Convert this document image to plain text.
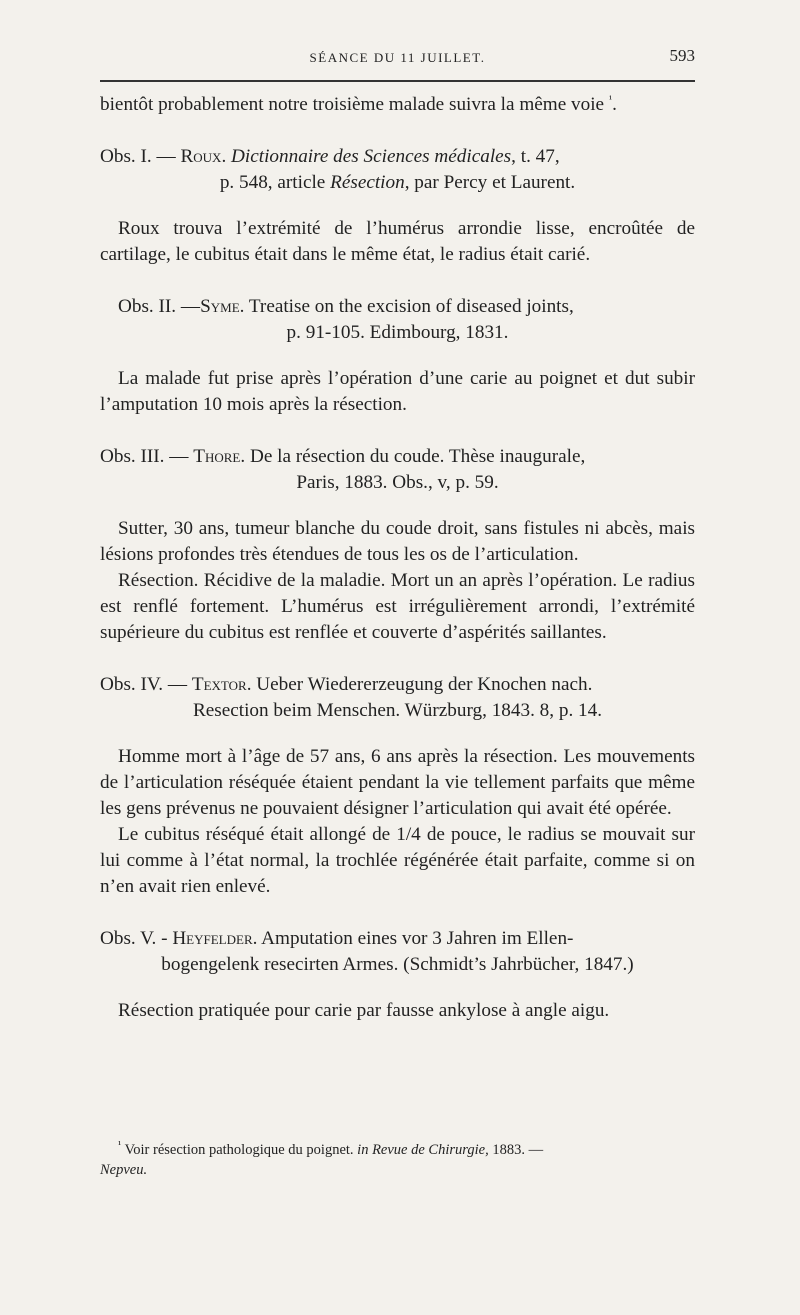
SÉANCE DU 11 JUILLET.	593

bientôt probablement notre troisième malade suivra la même voie $^{^1}$.

Obs. I. — Roux. Dictionnaire des Sciences médicales, t. 47,
p. 548, article Résection, par Percy et Laurent.

Roux trouva l’extrémité de l’humérus arrondie lisse, encroûtée de cartilage, le cubitus était dans le même état, le radius était carié.

Obs. II. —Syme. Treatise on the excision of diseased joints,
p. 91-105. Edimbourg, 1831.

La malade fut prise après l’opération d’une carie au poignet et dut subir l’amputation 10 mois après la résection.

Obs. III. — Thore. De la résection du coude. Thèse inaugurale,
Paris, 1883. Obs., v, p. 59.

Sutter, 30 ans, tumeur blanche du coude droit, sans fistules ni abcès, mais lésions profondes très étendues de tous les os de l’articulation.

Résection. Récidive de la maladie. Mort un an après l’opération. Le radius est renflé fortement. L’humérus est irrégulièrement arrondi, l’extrémité supérieure du cubitus est renflée et couverte d’aspérités saillantes.

Obs. IV. — Textor. Ueber Wiedererzeugung der Knochen nach.
Resection beim Menschen. Würzburg, 1843. 8, p. 14.

Homme mort à l’âge de 57 ans, 6 ans après la résection. Les mouvements de l’articulation réséquée étaient pendant la vie tellement parfaits que même les gens prévenus ne pouvaient désigner l’articulation qui avait été opérée.

Le cubitus réséqué était allongé de 1/4 de pouce, le radius se mouvait sur lui comme à l’état normal, la trochlée régénérée était parfaite, comme si on n’en avait rien enlevé.

Obs. V. - Heyfelder. Amputation eines vor 3 Jahren im Ellen-
bogengelenk resecirten Armes. (Schmidt’s Jahrbücher, 1847.)

Résection pratiquée pour carie par fausse ankylose à angle aigu.

$^{^1}$ Voir résection pathologique du poignet. in Revue de Chirurgie, 1883. —

Nepveu.
